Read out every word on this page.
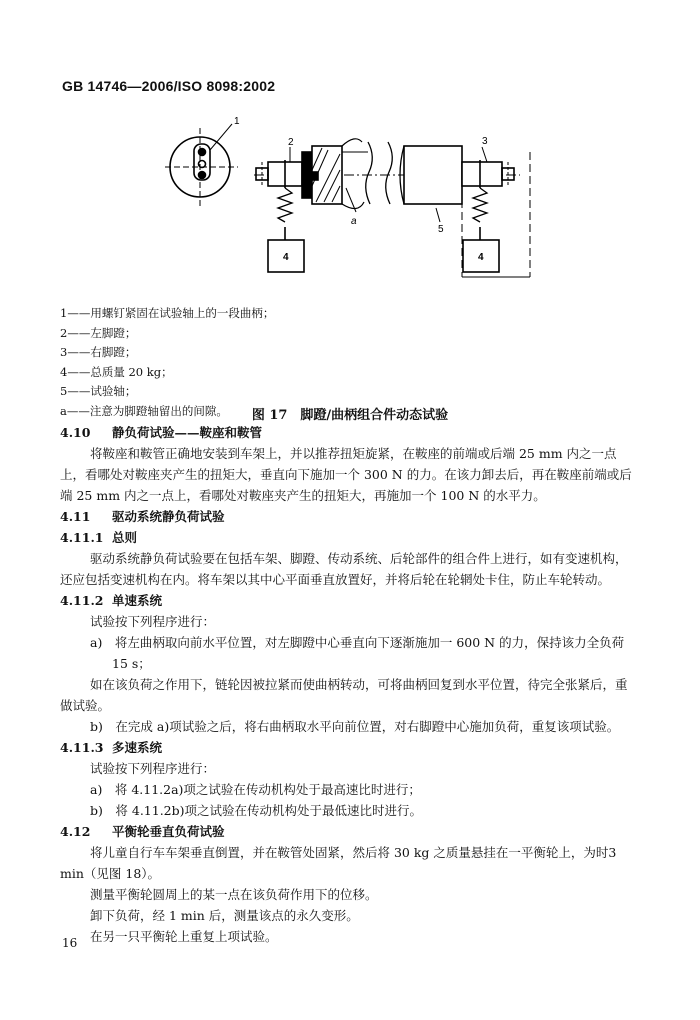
GB 14746—2006/ISO 8098:2002
1
2
a
5
3
4	4
1——用螺钉紧固在试验轴上的一段曲柄；
2——左脚蹬；
3——右脚蹬；
4——总质量 20 kg；
5——试验轴；
a——注意为脚蹬轴留出的间隙。	图 17　脚蹬/曲柄组合件动态试验
4.10 静负荷试验——鞍座和鞍管
将鞍座和鞍管正确地安装到车架上，并以推荐扭矩旋紧，在鞍座的前端或后端 25 mm 内之一点上，看哪处对鞍座夹产生的扭矩大，垂直向下施加一个 300 N 的力。在该力卸去后，再在鞍座前端或后端 25 mm 内之一点上，看哪处对鞍座夹产生的扭矩大，再施加一个 100 N 的水平力。
4.11 驱动系统静负荷试验
4.11.1 总则
驱动系统静负荷试验要在包括车架、脚蹬、传动系统、后轮部件的组合件上进行，如有变速机构，还应包括变速机构在内。将车架以其中心平面垂直放置好，并将后轮在轮辋处卡住，防止车轮转动。
4.11.2 单速系统
试验按下列程序进行：
a)　 将左曲柄取向前水平位置，对左脚蹬中心垂直向下逐渐施加一 600 N 的力，保持该力全负荷 15 s；
如在该负荷之作用下，链轮因被拉紧而使曲柄转动，可将曲柄回复到水平位置，待完全张紧后，重做试验。
b)　 在完成 a)项试验之后，将右曲柄取水平向前位置，对右脚蹬中心施加负荷，重复该项试验。
4.11.3 多速系统
试验按下列程序进行：
a)　 将 4.11.2a)项之试验在传动机构处于最高速比时进行；
b)　 将 4.11.2b)项之试验在传动机构处于最低速比时进行。
4.12 平衡轮垂直负荷试验
将儿童自行车车架垂直倒置，并在鞍管处固紧，然后将 30 kg 之质量悬挂在一平衡轮上，为时3 min（见图 18）。
测量平衡轮圆周上的某一点在该负荷作用下的位移。
卸下负荷，经 1 min 后，测量该点的永久变形。
在另一只平衡轮上重复上项试验。
16
